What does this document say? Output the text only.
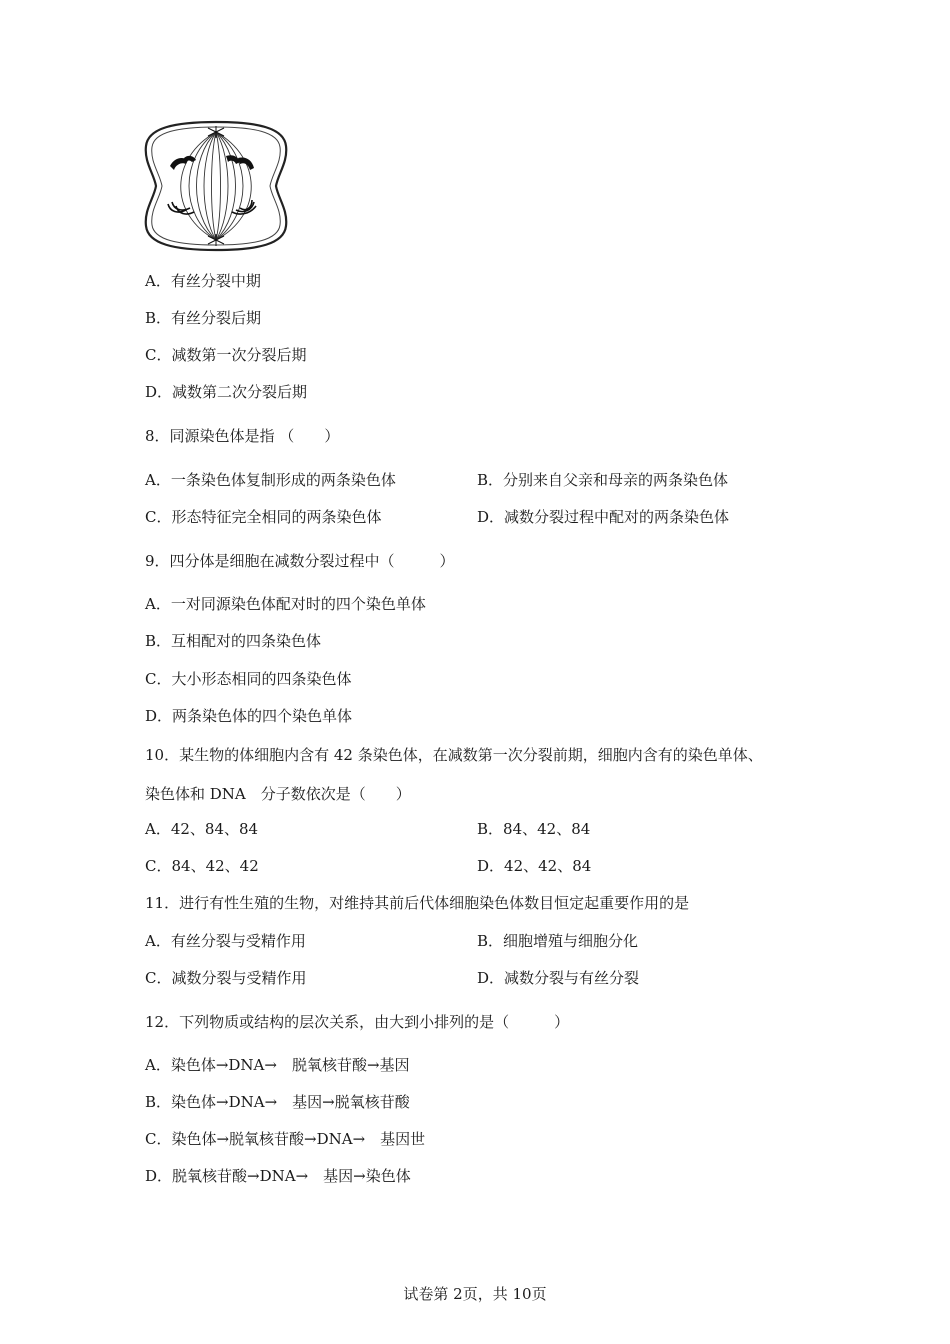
A．有丝分裂中期
B．有丝分裂后期
C．减数第一次分裂后期
D．减数第二次分裂后期
8．同源染色体是指 （　　）
A．一条染色体复制形成的两条染色体	B．分别来自父亲和母亲的两条染色体
C．形态特征完全相同的两条染色体	D．减数分裂过程中配对的两条染色体
9．四分体是细胞在减数分裂过程中（　　　）
A．一对同源染色体配对时的四个染色单体
B．互相配对的四条染色体
C．大小形态相同的四条染色体
D．两条染色体的四个染色单体
10．某生物的体细胞内含有 42 条染色体，在减数第一次分裂前期，细胞内含有的染色单体、
染色体和 DNA　分子数依次是（　　）
A．42、84、84	B．84、42、84
C．84、42、42	D．42、42、84
11．进行有性生殖的生物，对维持其前后代体细胞染色体数目恒定起重要作用的是
A．有丝分裂与受精作用	B．细胞增殖与细胞分化
C．减数分裂与受精作用	D．减数分裂与有丝分裂
12．下列物质或结构的层次关系，由大到小排列的是（　　　）
A．染色体→DNA→　脱氧核苷酸→基因
B．染色体→DNA→　基因→脱氧核苷酸
C．染色体→脱氧核苷酸→DNA→　基因世
D．脱氧核苷酸→DNA→　基因→染色体
试卷第 2页，共 10页
